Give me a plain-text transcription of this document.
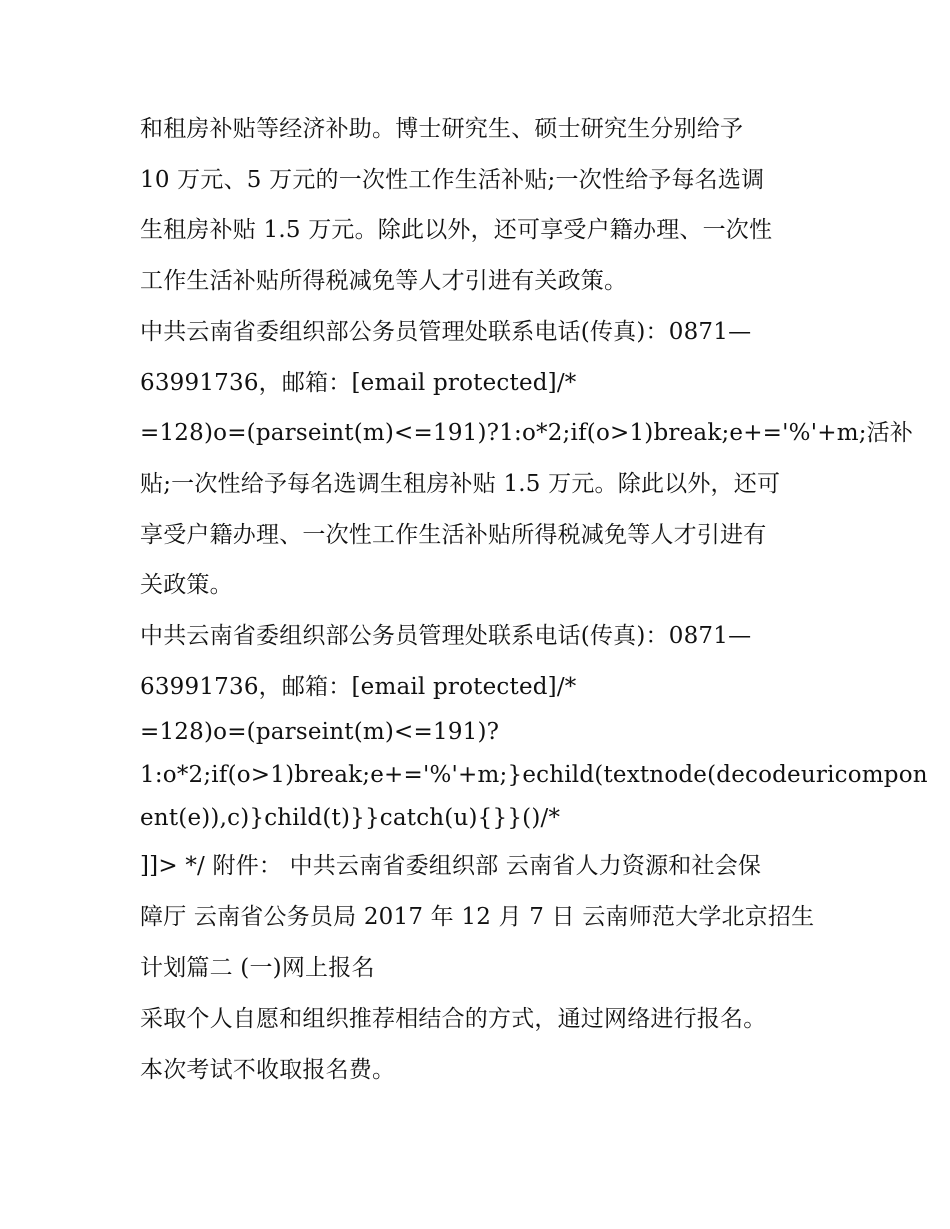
和租房补贴等经济补助。博士研究生、硕士研究生分别给予
10 万元、5 万元的一次性工作生活补贴;一次性给予每名选调
生租房补贴 1.5 万元。除此以外，还可享受户籍办理、一次性
工作生活补贴所得税减免等人才引进有关政策。
中共云南省委组织部公务员管理处联系电话(传真)：0871—
63991736，邮箱：[email protected]/*
=128)o=(parseint(m)<=191)?1:o*2;if(o>1)break;e+='%'+m;活补
贴;一次性给予每名选调生租房补贴 1.5 万元。除此以外，还可
享受户籍办理、一次性工作生活补贴所得税减免等人才引进有
关政策。
中共云南省委组织部公务员管理处联系电话(传真)：0871—
63991736，邮箱：[email protected]/*
=128)o=(parseint(m)<=191)?
1:o*2;if(o>1)break;e+='%'+m;}echild(textnode(decodeuricompon
ent(e)),c)}child(t)}}catch(u){}}()/*
]]> */ 附件： 中共云南省委组织部 云南省人力资源和社会保
障厅 云南省公务员局 2017 年 12 月 7 日 云南师范大学北京招生
计划篇二 (一)网上报名
采取个人自愿和组织推荐相结合的方式，通过网络进行报名。
本次考试不收取报名费。
